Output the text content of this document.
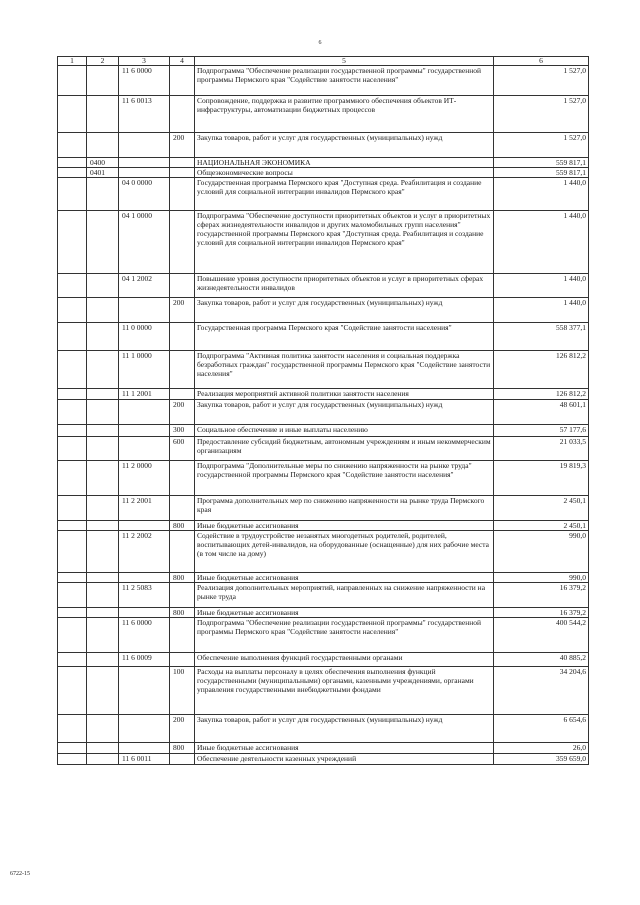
6
1	2	3	4	5	6
		11 6 0000		Подпрограмма "Обеспечение реализации государственной программы" государственной программы Пермского края "Содействие занятости населения"	1 527,0
		11 6 0013		Сопровождение, поддержка и развитие программного обеспечения объектов ИТ-инфраструктуры, автоматизации бюджетных процессов	1 527,0
			200	Закупка товаров, работ и услуг для государственных (муниципальных) нужд	1 527,0
	0400			НАЦИОНАЛЬНАЯ ЭКОНОМИКА	559 817,1
	0401			Общеэкономические вопросы	559 817,1
		04 0 0000		Государственная программа Пермского края "Доступная среда. Реабилитация и создание условий для социальной интеграции инвалидов Пермского края"	1 440,0
		04 1 0000		Подпрограмма "Обеспечение доступности приоритетных объектов и услуг в приоритетных сферах жизнедеятельности инвалидов и других маломобильных групп населения" государственной программы Пермского края "Доступная среда. Реабилитация и создание условий для социальной интеграции инвалидов Пермского края"	1 440,0
		04 1 2002		Повышение уровня доступности приоритетных объектов и услуг в приоритетных сферах жизнедеятельности инвалидов	1 440,0
			200	Закупка товаров, работ и услуг для государственных (муниципальных) нужд	1 440,0
		11 0 0000		Государственная программа Пермского края "Содействие занятости населения"	558 377,1
		11 1 0000		Подпрограмма "Активная политика занятости населения и социальная поддержка безработных граждан" государственной программы Пермского края "Содействие занятости населения"	126 812,2
		11 1 2001		Реализация мероприятий активной политики занятости населения	126 812,2
			200	Закупка товаров, работ и услуг для государственных (муниципальных) нужд	48 601,1
			300	Социальное обеспечение и иные выплаты населению	57 177,6
			600	Предоставление субсидий бюджетным, автономным учреждениям и иным некоммерческим организациям	21 033,5
		11 2 0000		Подпрограмма "Дополнительные меры по снижению напряженности на рынке труда" государственной программы Пермского края "Содействие занятости населения"	19 819,3
		11 2 2001		Программа дополнительных мер по снижению напряженности на рынке труда Пермского края	2 450,1
			800	Иные бюджетные ассигнования	2 450,1
		11 2 2002		Содействие в трудоустройстве незанятых многодетных родителей, родителей, воспитывающих детей-инвалидов, на оборудованные (оснащенные) для них рабочие места (в том числе на дому)	990,0
			800	Иные бюджетные ассигнования	990,0
		11 2 5083		Реализация дополнительных мероприятий, направленных на снижение напряженности на рынке труда	16 379,2
			800	Иные бюджетные ассигнования	16 379,2
		11 6 0000		Подпрограмма "Обеспечение реализации государственной программы" государственной программы Пермского края "Содействие занятости населения"	400 544,2
		11 6 0009		Обеспечение выполнения функций государственными органами	40 885,2
			100	Расходы на выплаты персоналу в целях обеспечения выполнения функций государственными (муниципальными) органами, казенными учреждениями, органами управления государственными внебюджетными фондами	34 204,6
			200	Закупка товаров, работ и услуг для государственных (муниципальных) нужд	6 654,6
			800	Иные бюджетные ассигнования	26,0
		11 6 0011		Обеспечение деятельности казенных учреждений	359 659,0
6722-15
